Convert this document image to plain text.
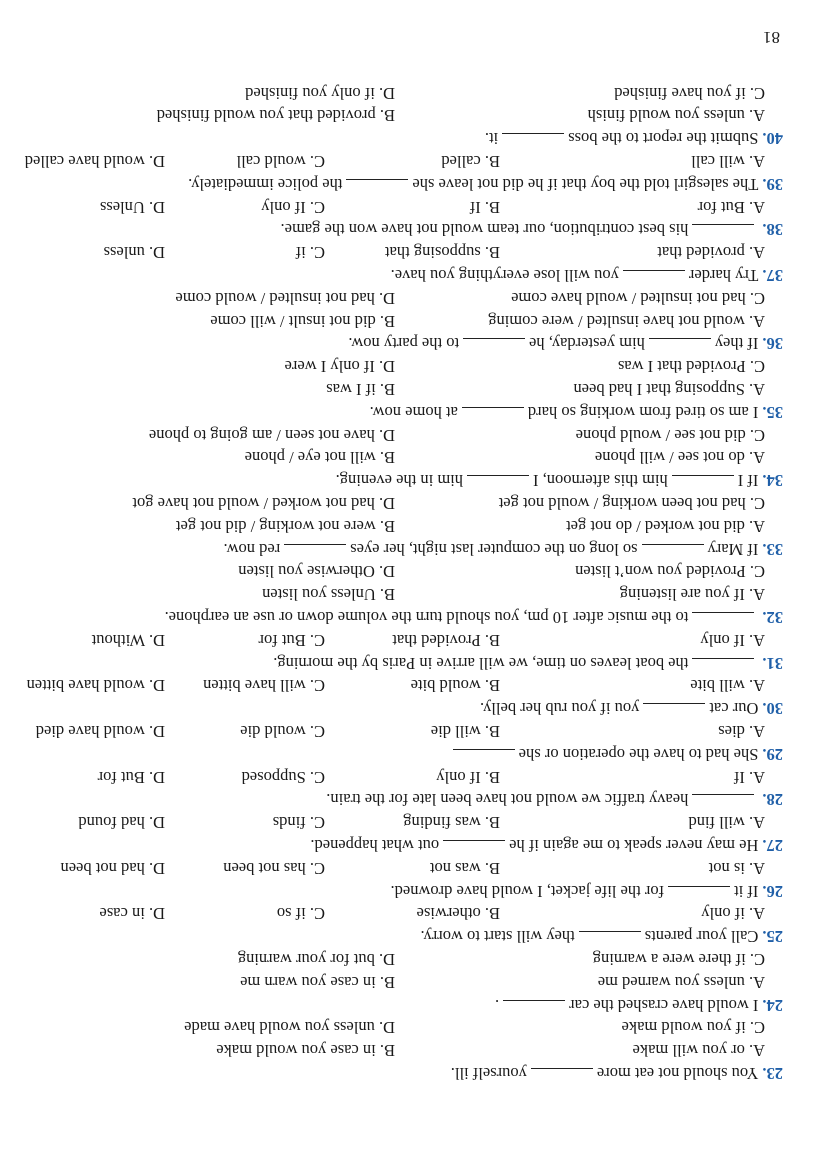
23.You should not eat moreyourself ill.
A. or you will make
B. in case you would make
C. if you would make
D. unless you would have made
24.I would have crashed the car.
A. unless you warned me
B. in case you warn me
C. if there were a warning
D. but for your warning
25.Call your parentsthey will start to worry.
A. if only
B. otherwise
C. if so
D. in case
26.If itfor the life jacket, I would have drowned.
A. is not
B. was not
C. has not been
D. had not been
27.He may never speak to me again if heout what happened.
A. will find
B. was finding
C. finds
D. had found
28.heavy traffic we would not have been late for the train.
A. If
B. If only
C. Supposed
D. But for
29.She had to have the operation or she
A. dies
B. will die
C. would die
D. would have died
30.Our catyou if you rub her belly.
A. will bite
B. would bite
C. will have bitten
D. would have bitten
31.the boat leaves on time, we will arrive in Paris by the morning.
A. If only
B. Provided that
C. But for
D. Without
32.to the music after 10 pm, you should turn the volume down or use an earphone.
A. If you are listening
B. Unless you listen
C. Provided you won’t listen
D. Otherwise you listen
33.If Maryso long on the computer last night, her eyesred now.
A. did not worked / do not get
B. were not working / did not get
C. had not been working / would not get
D. had not worked / would not have got
34.If Ihim this afternoon, Ihim in the evening.
A. do not see / will phone
B. will not eye / phone
C. did not see / would phone
D. have not seen / am going to phone
35.I am so tired from working so hardat home now.
A. Supposing that I had been
B. if I was
C. Provided that I was
D. If only I were
36.If theyhim yesterday, heto the party now.
A. would not have insulted / were coming
B. did not insult / will come
C. had not insulted / would have come
D. had not insulted / would come
37.Try harderyou will lose everything you have.
A. provided that
B. supposing that
C. if
D. unless
38.his best contribution, our team would not have won the game.
A. But for
B. If
C. If only
D. Unless
39.The salesgirl told the boy that if he did not leave shethe police immediately.
A. will call
B. called
C. would call
D. would have called
40.Submit the report to the bossit.
A. unless you would finish
B. provided that you would finished
C. if you have finished
D. if only you finished
81
